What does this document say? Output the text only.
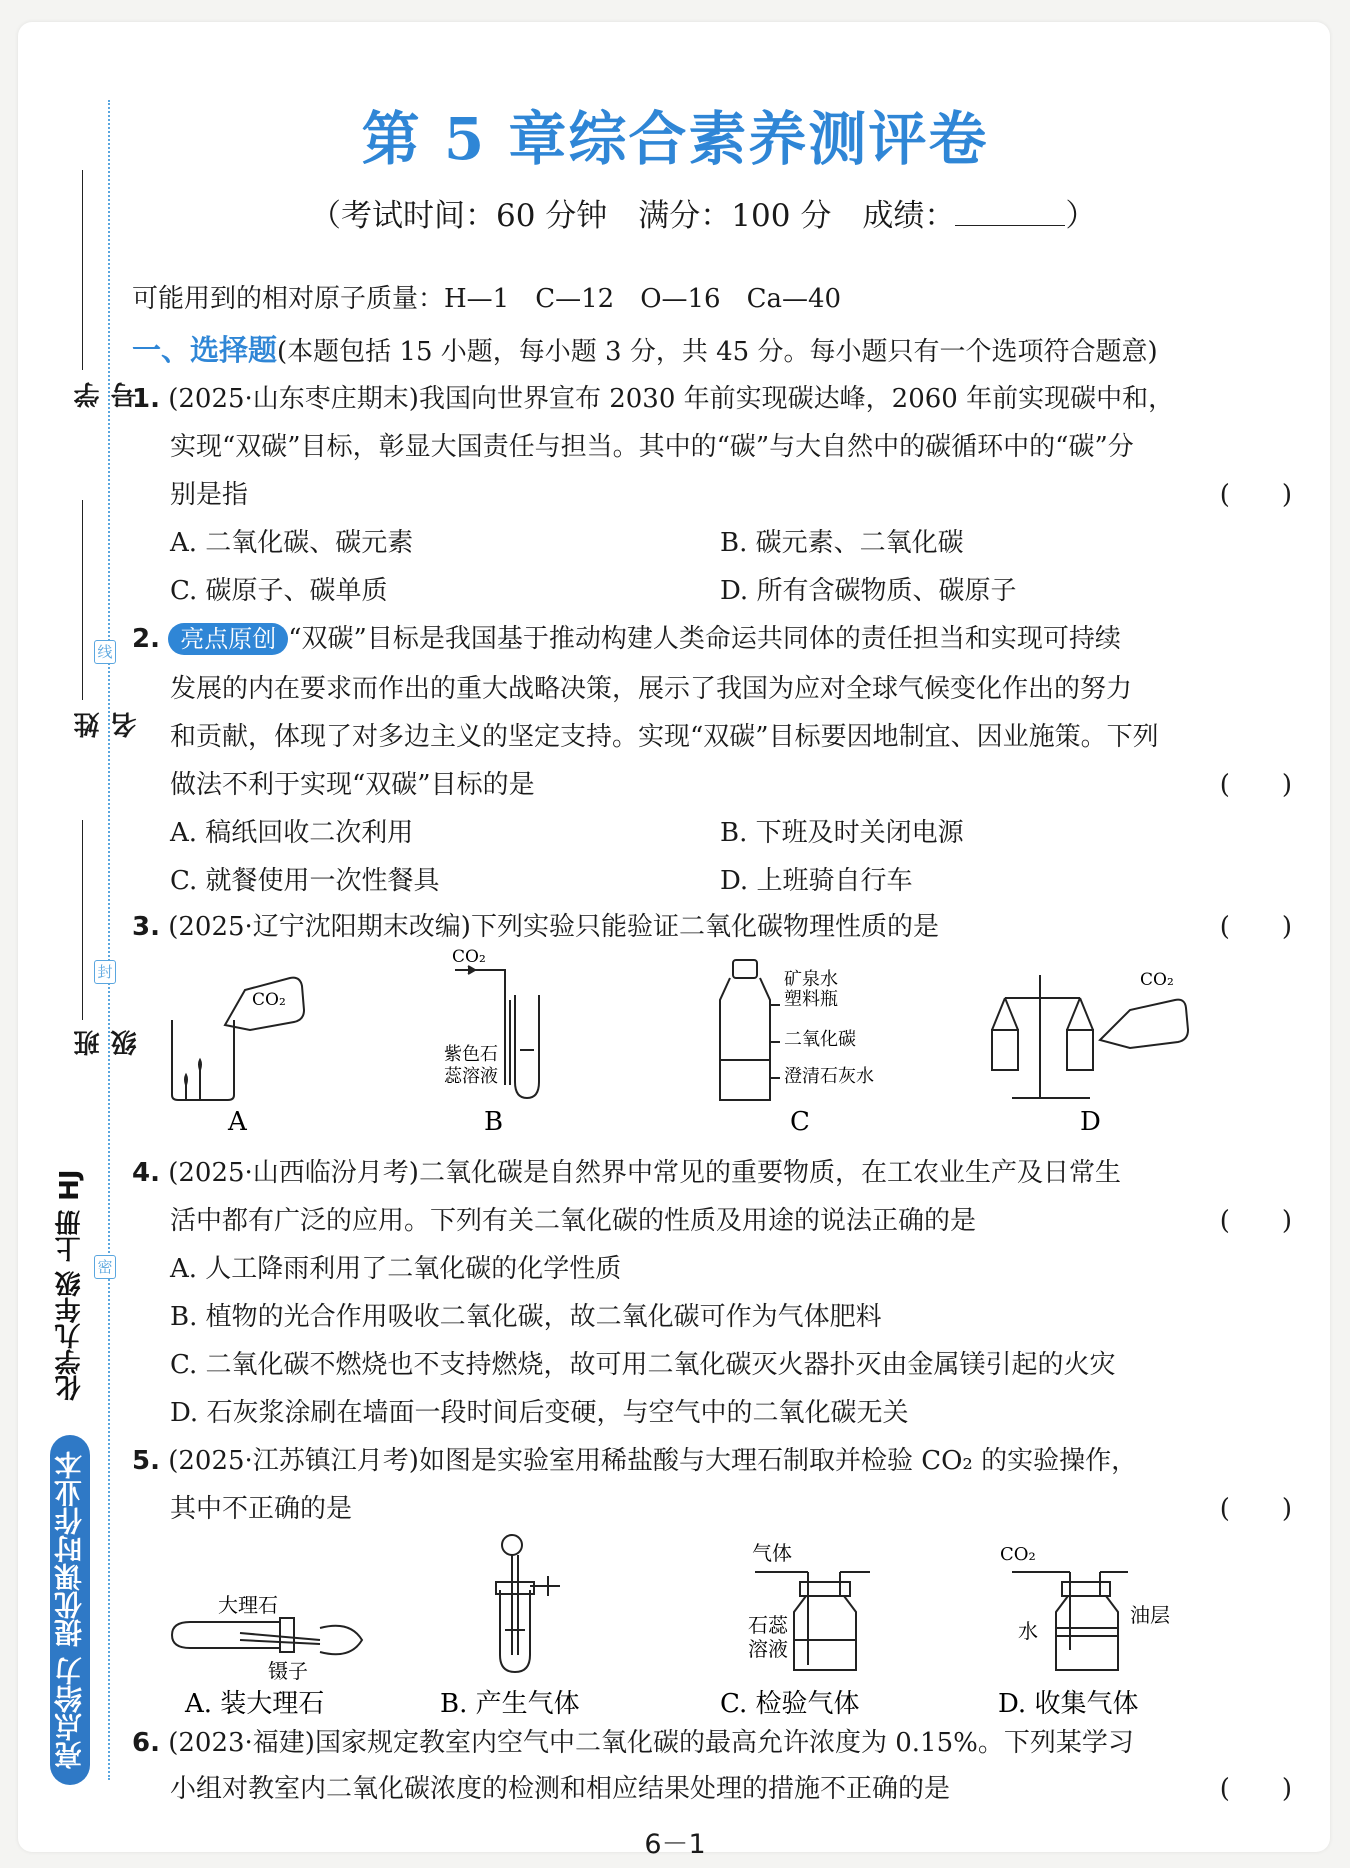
线
封
密
学号
姓名
班级
化学九年级 上册 HJ
亮点给力 提优课时作业本
第 5 章综合素养测评卷
（考试时间：60 分钟　满分：100 分　成绩：	）
可能用到的相对原子质量：H—1　C—12　O—16　Ca—40
一、选择题(本题包括 15 小题，每小题 3 分，共 45 分。每小题只有一个选项符合题意)
1. (2025·山东枣庄期末)我国向世界宣布 2030 年前实现碳达峰，2060 年前实现碳中和，
实现“双碳”目标，彰显大国责任与担当。其中的“碳”与大自然中的碳循环中的“碳”分
别是指	(　　)
A. 二氧化碳、碳元素	B. 碳元素、二氧化碳
C. 碳原子、碳单质	D. 所有含碳物质、碳原子
2. 亮点原创 “双碳”目标是我国基于推动构建人类命运共同体的责任担当和实现可持续
发展的内在要求而作出的重大战略决策，展示了我国为应对全球气候变化作出的努力
和贡献，体现了对多边主义的坚定支持。实现“双碳”目标要因地制宜、因业施策。下列
做法不利于实现“双碳”目标的是	(　　)
A. 稿纸回收二次利用	B. 下班及时关闭电源
C. 就餐使用一次性餐具	D. 上班骑自行车
3. (2025·辽宁沈阳期末改编)下列实验只能验证二氧化碳物理性质的是	(　　)
CO₂
紫色石
蕊溶液
CO₂
矿泉水
塑料瓶
二氧化碳
澄清石灰水
CO₂
A	B	C	D
4. (2025·山西临汾月考)二氧化碳是自然界中常见的重要物质，在工农业生产及日常生
活中都有广泛的应用。下列有关二氧化碳的性质及用途的说法正确的是	(　　)
A. 人工降雨利用了二氧化碳的化学性质
B. 植物的光合作用吸收二氧化碳，故二氧化碳可作为气体肥料
C. 二氧化碳不燃烧也不支持燃烧，故可用二氧化碳灭火器扑灭由金属镁引起的火灾
D. 石灰浆涂刷在墙面一段时间后变硬，与空气中的二氧化碳无关
5. (2025·江苏镇江月考)如图是实验室用稀盐酸与大理石制取并检验 CO₂ 的实验操作，
其中不正确的是	(　　)
大理石
镊子
气体
石蕊
溶液
CO₂
油层
水
A. 装大理石	B. 产生气体	C. 检验气体	D. 收集气体
6. (2023·福建)国家规定教室内空气中二氧化碳的最高允许浓度为 0.15%。下列某学习
小组对教室内二氧化碳浓度的检测和相应结果处理的措施不正确的是	(　　)
6－1
